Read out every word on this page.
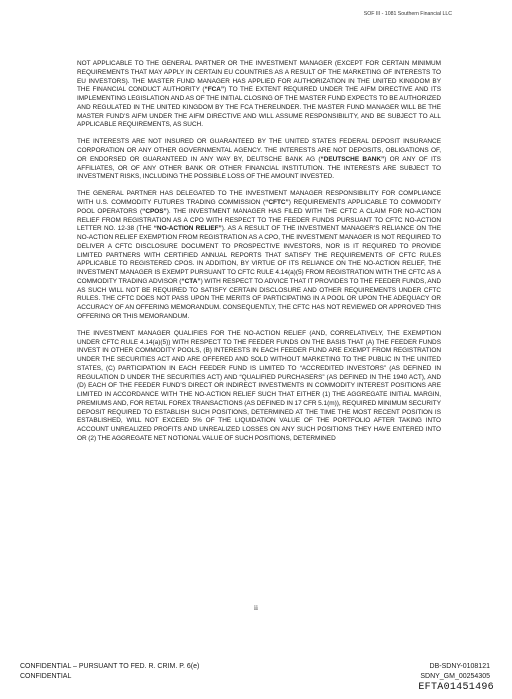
SOF III - 1081 Southern Financial LLC

NOT APPLICABLE TO THE GENERAL PARTNER OR THE INVESTMENT MANAGER (EXCEPT FOR CERTAIN MINIMUM REQUIREMENTS THAT MAY APPLY IN CERTAIN EU COUNTRIES AS A RESULT OF THE MARKETING OF INTERESTS TO EU INVESTORS). THE MASTER FUND MANAGER HAS APPLIED FOR AUTHORIZATION IN THE UNITED KINGDOM BY THE FINANCIAL CONDUCT AUTHORITY (“FCA”) TO THE EXTENT REQUIRED UNDER THE AIFM DIRECTIVE AND ITS IMPLEMENTING LEGISLATION AND AS OF THE INITIAL CLOSING OF THE MASTER FUND EXPECTS TO BE AUTHORIZED AND REGULATED IN THE UNITED KINGDOM BY THE FCA THEREUNDER. THE MASTER FUND MANAGER WILL BE THE MASTER FUND’S AIFM UNDER THE AIFM DIRECTIVE AND WILL ASSUME RESPONSIBILITY, AND BE SUBJECT TO ALL APPLICABLE REQUIREMENTS, AS SUCH.

THE INTERESTS ARE NOT INSURED OR GUARANTEED BY THE UNITED STATES FEDERAL DEPOSIT INSURANCE CORPORATION OR ANY OTHER GOVERNMENTAL AGENCY. THE INTERESTS ARE NOT DEPOSITS, OBLIGATIONS OF, OR ENDORSED OR GUARANTEED IN ANY WAY BY, DEUTSCHE BANK AG (“DEUTSCHE BANK”) OR ANY OF ITS AFFILIATES, OR OF ANY OTHER BANK OR OTHER FINANCIAL INSTITUTION. THE INTERESTS ARE SUBJECT TO INVESTMENT RISKS, INCLUDING THE POSSIBLE LOSS OF THE AMOUNT INVESTED.

THE GENERAL PARTNER HAS DELEGATED TO THE INVESTMENT MANAGER RESPONSIBILITY FOR COMPLIANCE WITH U.S. COMMODITY FUTURES TRADING COMMISSION (“CFTC”) REQUIREMENTS APPLICABLE TO COMMODITY POOL OPERATORS (“CPOS”). THE INVESTMENT MANAGER HAS FILED WITH THE CFTC A CLAIM FOR NO-ACTION RELIEF FROM REGISTRATION AS A CPO WITH RESPECT TO THE FEEDER FUNDS PURSUANT TO CFTC NO-ACTION LETTER NO. 12-38 (THE “NO-ACTION RELIEF”). AS A RESULT OF THE INVESTMENT MANAGER’S RELIANCE ON THE NO-ACTION RELIEF EXEMPTION FROM REGISTRATION AS A CPO, THE INVESTMENT MANAGER IS NOT REQUIRED TO DELIVER A CFTC DISCLOSURE DOCUMENT TO PROSPECTIVE INVESTORS, NOR IS IT REQUIRED TO PROVIDE LIMITED PARTNERS WITH CERTIFIED ANNUAL REPORTS THAT SATISFY THE REQUIREMENTS OF CFTC RULES APPLICABLE TO REGISTERED CPOS. IN ADDITION, BY VIRTUE OF ITS RELIANCE ON THE NO-ACTION RELIEF, THE INVESTMENT MANAGER IS EXEMPT PURSUANT TO CFTC RULE 4.14(a)(5) FROM REGISTRATION WITH THE CFTC AS A COMMODITY TRADING ADVISOR (“CTA”) WITH RESPECT TO ADVICE THAT IT PROVIDES TO THE FEEDER FUNDS, AND AS SUCH WILL NOT BE REQUIRED TO SATISFY CERTAIN DISCLOSURE AND OTHER REQUIREMENTS UNDER CFTC RULES. THE CFTC DOES NOT PASS UPON THE MERITS OF PARTICIPATING IN A POOL OR UPON THE ADEQUACY OR ACCURACY OF AN OFFERING MEMORANDUM. CONSEQUENTLY, THE CFTC HAS NOT REVIEWED OR APPROVED THIS OFFERING OR THIS MEMORANDUM.

THE INVESTMENT MANAGER QUALIFIES FOR THE NO-ACTION RELIEF (AND, CORRELATIVELY, THE EXEMPTION UNDER CFTC RULE 4.14(a)(5)) WITH RESPECT TO THE FEEDER FUNDS ON THE BASIS THAT (A) THE FEEDER FUNDS INVEST IN OTHER COMMODITY POOLS, (B) INTERESTS IN EACH FEEDER FUND ARE EXEMPT FROM REGISTRATION UNDER THE SECURITIES ACT AND ARE OFFERED AND SOLD WITHOUT MARKETING TO THE PUBLIC IN THE UNITED STATES, (C) PARTICIPATION IN EACH FEEDER FUND IS LIMITED TO “ACCREDITED INVESTORS” (AS DEFINED IN REGULATION D UNDER THE SECURITIES ACT) AND “QUALIFIED PURCHASERS” (AS DEFINED IN THE 1940 ACT), AND (D) EACH OF THE FEEDER FUND’S DIRECT OR INDIRECT INVESTMENTS IN COMMODITY INTEREST POSITIONS ARE LIMITED IN ACCORDANCE WITH THE NO-ACTION RELIEF SUCH THAT EITHER (1) THE AGGREGATE INITIAL MARGIN, PREMIUMS AND, FOR RETAIL FOREX TRANSACTIONS (AS DEFINED IN 17 CFR 5.1(m)), REQUIRED MINIMUM SECURITY DEPOSIT REQUIRED TO ESTABLISH SUCH POSITIONS, DETERMINED AT THE TIME THE MOST RECENT POSITION IS ESTABLISHED, WILL NOT EXCEED 5% OF THE LIQUIDATION VALUE OF THE PORTFOLIO AFTER TAKING INTO ACCOUNT UNREALIZED PROFITS AND UNREALIZED LOSSES ON ANY SUCH POSITIONS THEY HAVE ENTERED INTO OR (2) THE AGGREGATE NET NOTIONAL VALUE OF SUCH POSITIONS, DETERMINED

ii
CONFIDENTIAL – PURSUANT TO FED. R. CRIM. P. 6(e)
CONFIDENTIAL
DB-SDNY-0108121
SDNY_GM_00254305
EFTA01451496
